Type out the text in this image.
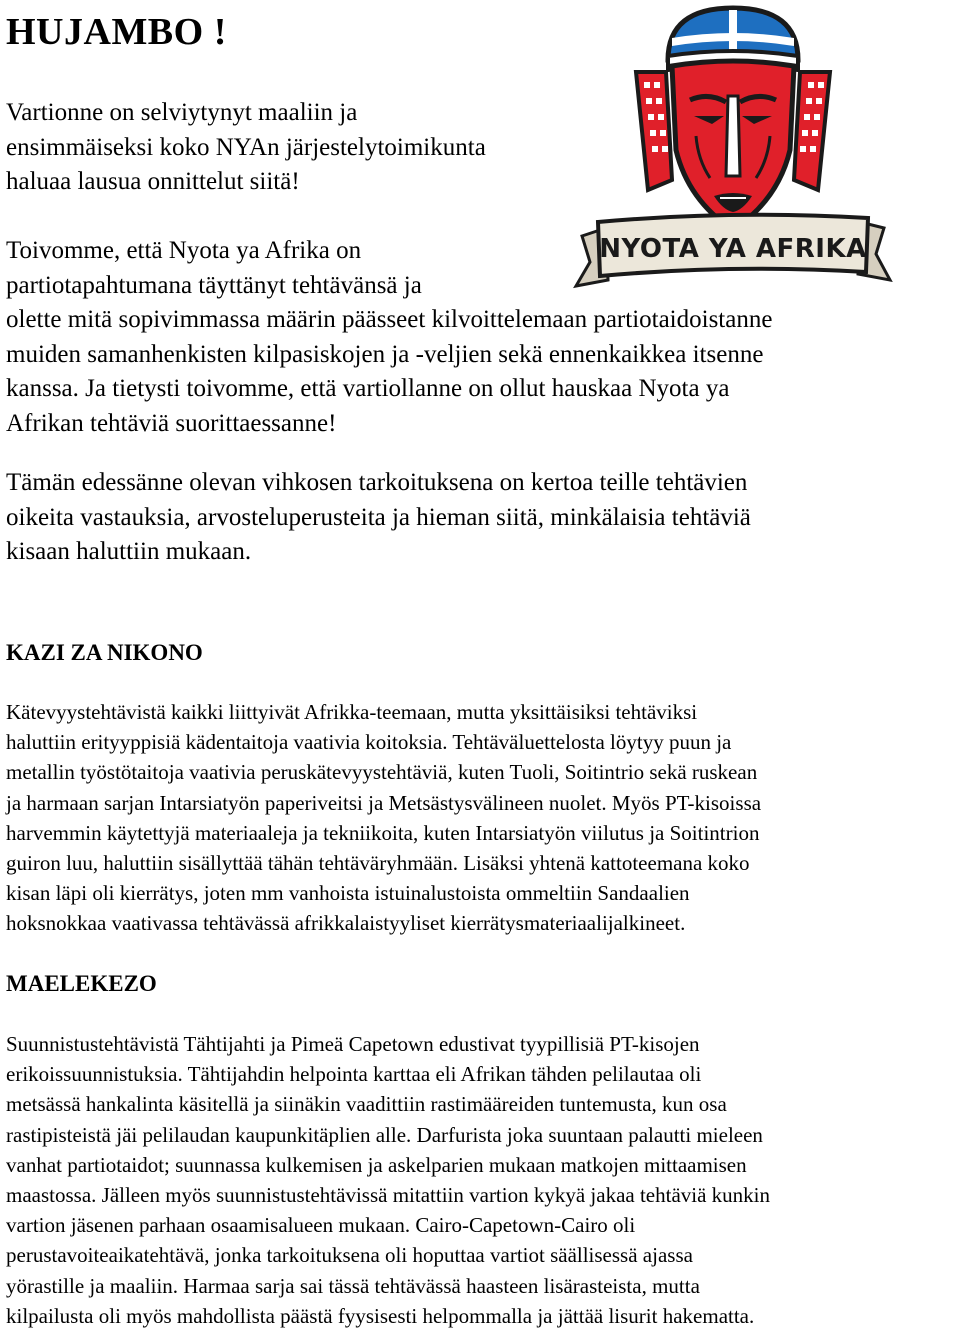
HUJAMBO !
NYOTA YA AFRIKA

Vartionne on selviytynyt maaliin ja
ensimmäiseksi koko NYAn järjestelytoimikunta
haluaa lausua onnittelut siitä!

Toivomme, että Nyota ya Afrika on
partiotapahtumana täyttänyt tehtävänsä ja
olette mitä sopivimmassa määrin päässeet kilvoittelemaan partiotaidoistanne
muiden samanhenkisten kilpasiskojen ja -veljien sekä ennenkaikkea itsenne
kanssa. Ja tietysti toivomme, että vartiollanne on ollut hauskaa Nyota ya
Afrikan tehtäviä suorittaessanne!

Tämän edessänne olevan vihkosen tarkoituksena on kertoa teille tehtävien
oikeita vastauksia, arvosteluperusteita ja hieman siitä, minkälaisia tehtäviä
kisaan haluttiin mukaan.

KAZI ZA NIKONO

Kätevyystehtävistä kaikki liittyivät Afrikka-teemaan, mutta yksittäisiksi tehtäviksi
haluttiin erityyppisiä kädentaitoja vaativia koitoksia. Tehtäväluettelosta löytyy puun ja
metallin työstötaitoja vaativia peruskätevyystehtäviä, kuten Tuoli, Soitintrio sekä ruskean
ja harmaan sarjan Intarsiatyön paperiveitsi ja Metsästysvälineen nuolet. Myös PT-kisoissa
harvemmin käytettyjä materiaaleja ja tekniikoita, kuten Intarsiatyön viilutus ja Soitintrion
guiron luu, haluttiin sisällyttää tähän tehtäväryhmään. Lisäksi yhtenä kattoteemana koko
kisan läpi oli kierrätys, joten mm vanhoista istuinalustoista ommeltiin Sandaalien
hoksnokkaa vaativassa tehtävässä afrikkalaistyyliset kierrätysmateriaalijalkineet.

MAELEKEZO

Suunnistustehtävistä Tähtijahti ja Pimeä Capetown edustivat tyypillisiä PT-kisojen
erikoissuunnistuksia. Tähtijahdin helpointa karttaa eli Afrikan tähden pelilautaa oli
metsässä hankalinta käsitellä ja siinäkin vaadittiin rastimääreiden tuntemusta, kun osa
rastipisteistä jäi pelilaudan kaupunkitäplien alle. Darfurista joka suuntaan palautti mieleen
vanhat partiotaidot; suunnassa kulkemisen ja askelparien mukaan matkojen mittaamisen
maastossa. Jälleen myös suunnistustehtävissä mitattiin vartion kykyä jakaa tehtäviä kunkin
vartion jäsenen parhaan osaamisalueen mukaan. Cairo-Capetown-Cairo oli
perustavoiteaikatehtävä, jonka tarkoituksena oli hoputtaa vartiot säällisessä ajassa
yörastille ja maaliin. Harmaa sarja sai tässä tehtävässä haasteen lisärasteista, mutta
kilpailusta oli myös mahdollista päästä fyysisesti helpommalla ja jättää lisurit hakematta.
